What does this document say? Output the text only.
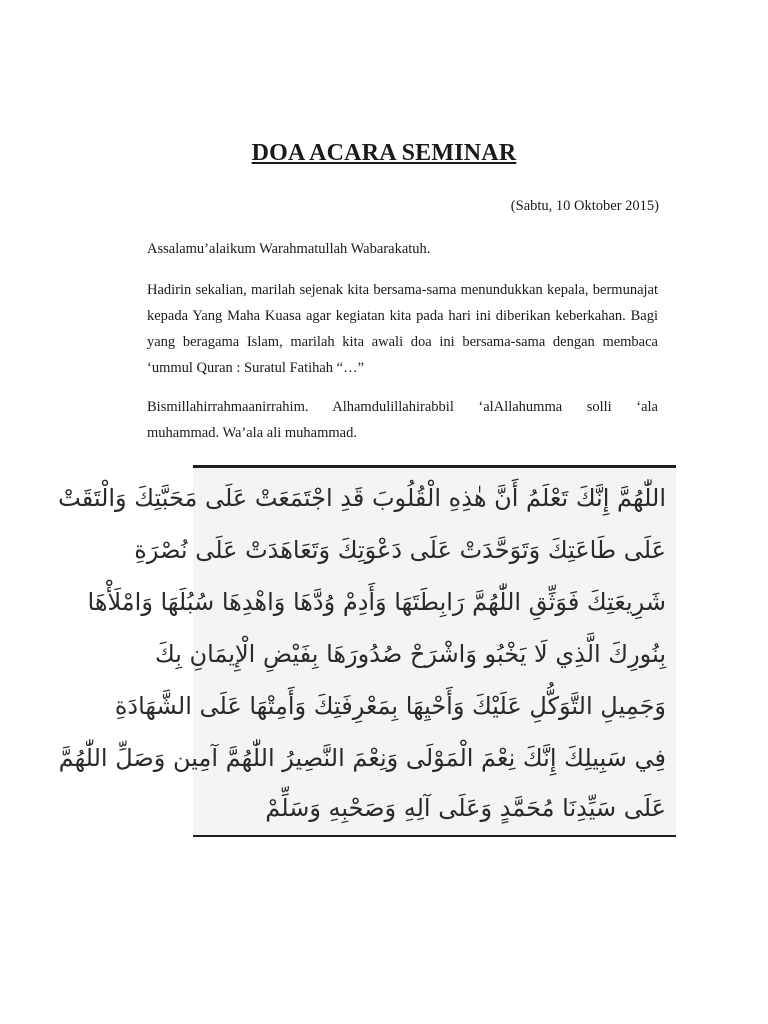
DOA ACARA SEMINAR
(Sabtu, 10 Oktober 2015)
Assalamu’alaikum Warahmatullah Wabarakatuh.
Hadirin sekalian, marilah sejenak kita bersama-sama menundukkan kepala, bermunajat kepada Yang Maha Kuasa agar kegiatan kita pada hari ini diberikan keberkahan. Bagi yang beragama Islam, marilah kita awali doa ini bersama-sama dengan membaca ‘ummul Quran : Suratul Fatihah “…”
Bismillahirrahmaanirrahim. Alhamdulillahirabbil ‘alAllahumma solli ‘ala
muhammad. Wa’ala ali muhammad.
اللّٰهُمَّ إِنَّكَ تَعْلَمُ أَنَّ هٰذِهِ الْقُلُوبَ قَدِ اجْتَمَعَتْ عَلَى مَحَبَّتِكَ وَالْتَقَتْ
عَلَى طَاعَتِكَ وَتَوَحَّدَتْ عَلَى دَعْوَتِكَ وَتَعَاهَدَتْ عَلَى نُصْرَةِ
شَرِيعَتِكَ فَوَثِّقِ اللّٰهُمَّ رَابِطَتَهَا وَأَدِمْ وُدَّهَا وَاهْدِهَا سُبُلَهَا وَامْلَأْهَا
بِنُورِكَ الَّذِي لَا يَخْبُو وَاشْرَحْ صُدُورَهَا بِفَيْضِ الْإِيمَانِ بِكَ
وَجَمِيلِ التَّوَكُّلِ عَلَيْكَ وَأَحْيِهَا بِمَعْرِفَتِكَ وَأَمِتْهَا عَلَى الشَّهَادَةِ
فِي سَبِيلِكَ إِنَّكَ نِعْمَ الْمَوْلَى وَنِعْمَ النَّصِيرُ اللّٰهُمَّ آمِين وَصَلِّ اللّٰهُمَّ
عَلَى سَيِّدِنَا مُحَمَّدٍ وَعَلَى آلِهِ وَصَحْبِهِ وَسَلِّمْ
